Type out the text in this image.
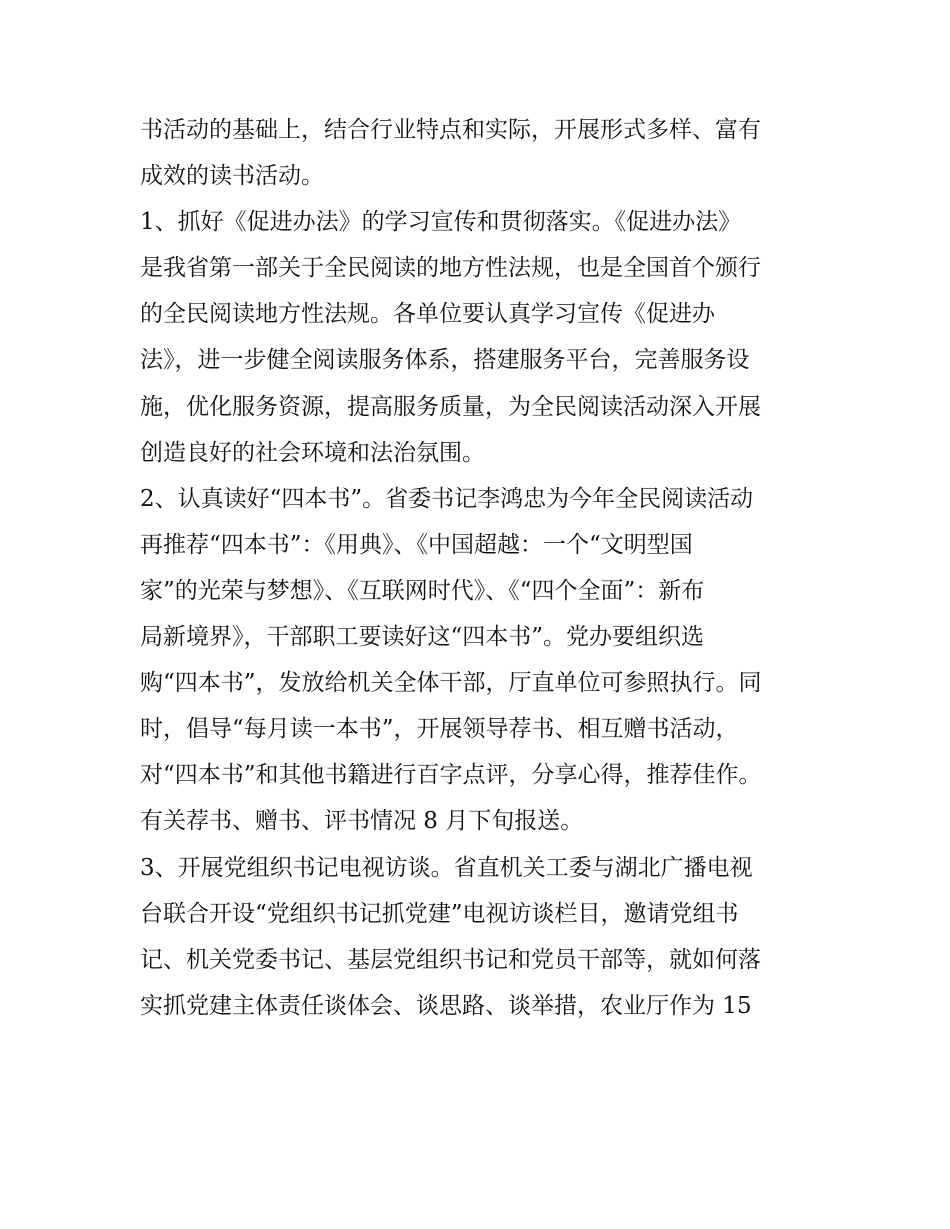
书活动的基础上，结合行业特点和实际，开展形式多样、富有
成效的读书活动。
1、抓好《促进办法》的学习宣传和贯彻落实。《促进办法》
是我省第一部关于全民阅读的地方性法规，也是全国首个颁行
的全民阅读地方性法规。各单位要认真学习宣传《促进办
法》，进一步健全阅读服务体系，搭建服务平台，完善服务设
施，优化服务资源，提高服务质量，为全民阅读活动深入开展
创造良好的社会环境和法治氛围。
2、认真读好“四本书”。省委书记李鸿忠为今年全民阅读活动
再推荐“四本书”：《用典》、《中国超越：一个“文明型国
家”的光荣与梦想》、《互联网时代》、《“四个全面”：新布
局新境界》，干部职工要读好这“四本书”。党办要组织选
购“四本书”，发放给机关全体干部，厅直单位可参照执行。同
时，倡导“每月读一本书”，开展领导荐书、相互赠书活动，
对“四本书”和其他书籍进行百字点评，分享心得，推荐佳作。
有关荐书、赠书、评书情况 8 月下旬报送。
3、开展党组织书记电视访谈。省直机关工委与湖北广播电视
台联合开设“党组织书记抓党建”电视访谈栏目，邀请党组书
记、机关党委书记、基层党组织书记和党员干部等，就如何落
实抓党建主体责任谈体会、谈思路、谈举措，农业厅作为 15
